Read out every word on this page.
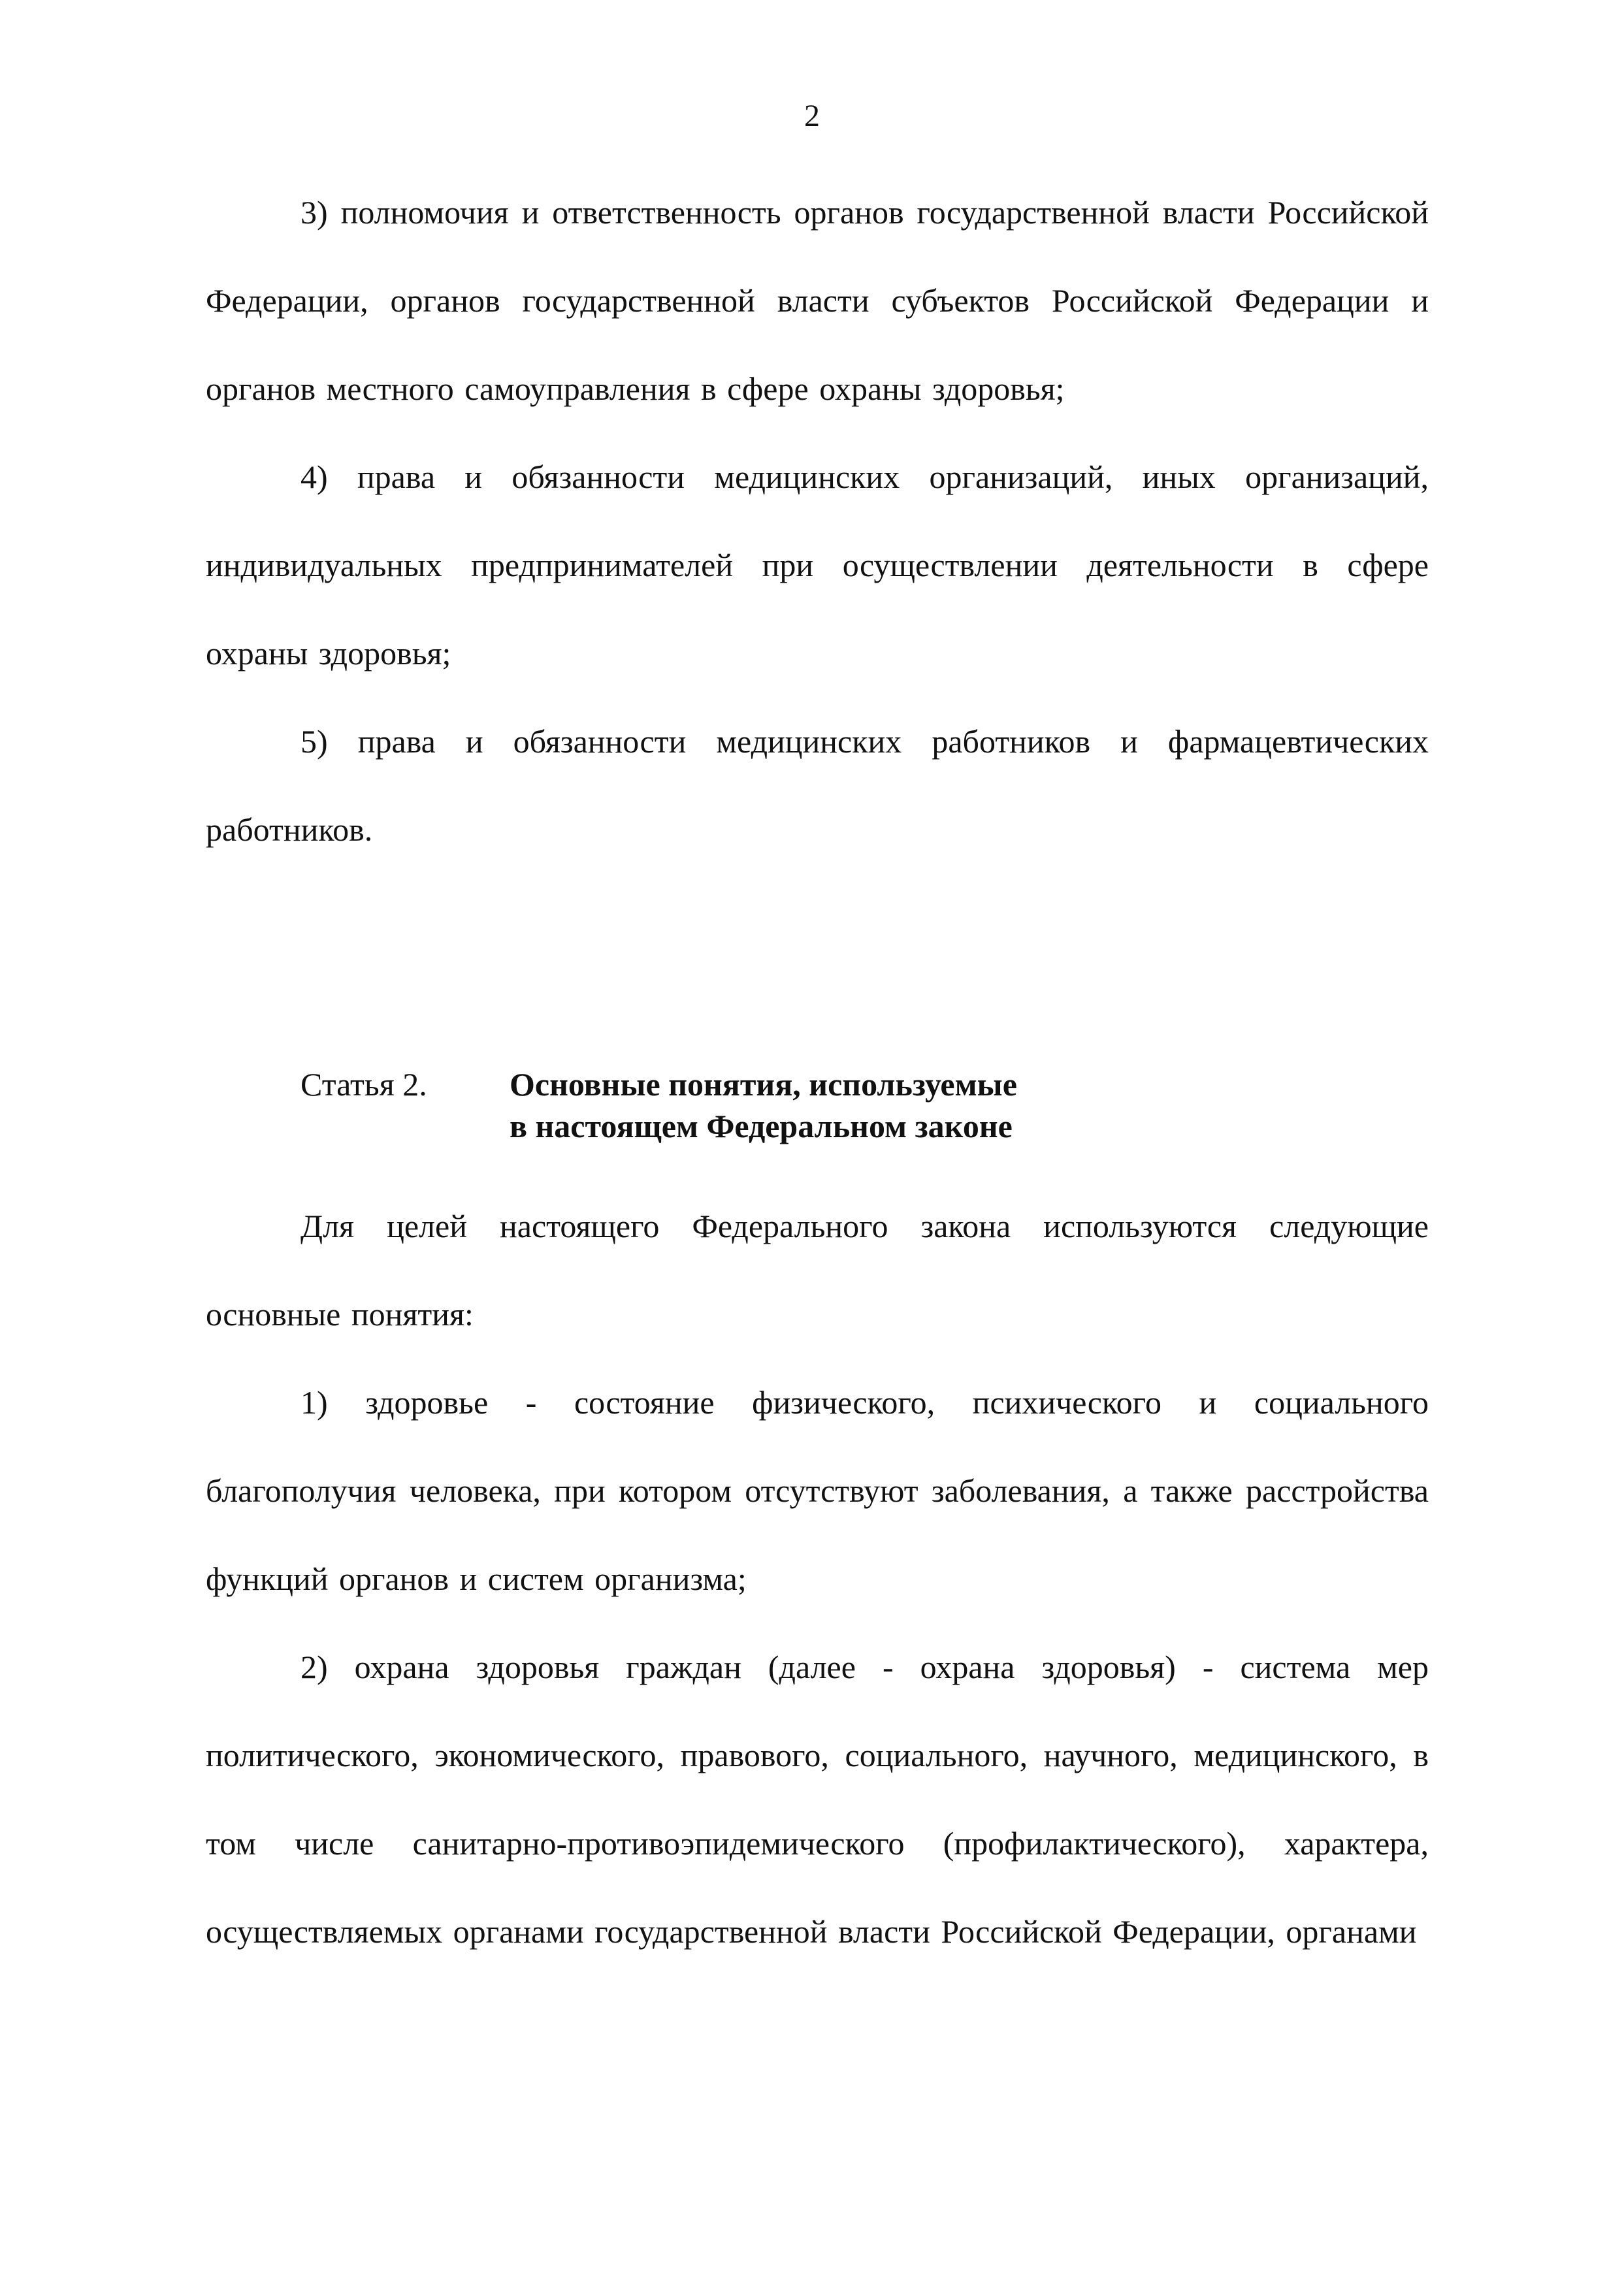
2

3) полномочия и ответственность органов государственной власти Российской Федерации, органов государственной власти субъектов Российской Федерации и органов местного самоуправления в сфере охраны здоровья;

4) права и обязанности медицинских организаций, иных организаций, индивидуальных предпринимателей при осуществлении деятельности в сфере охраны здоровья;

5) права и обязанности медицинских работников и фармацевтических работников.

Статья 2.	Основные понятия, используемые
в настоящем Федеральном законе

Для целей настоящего Федерального закона используются следующие основные понятия:

1) здоровье - состояние физического, психического и социального благополучия человека, при котором отсутствуют заболевания, а также расстройства функций органов и систем организма;

2) охрана здоровья граждан (далее - охрана здоровья) - система мер политического, экономического, правового, социального, научного, медицинского, в том числе санитарно-противоэпидемического (профилактического), характера, осуществляемых органами государственной власти Российской Федерации, органами
